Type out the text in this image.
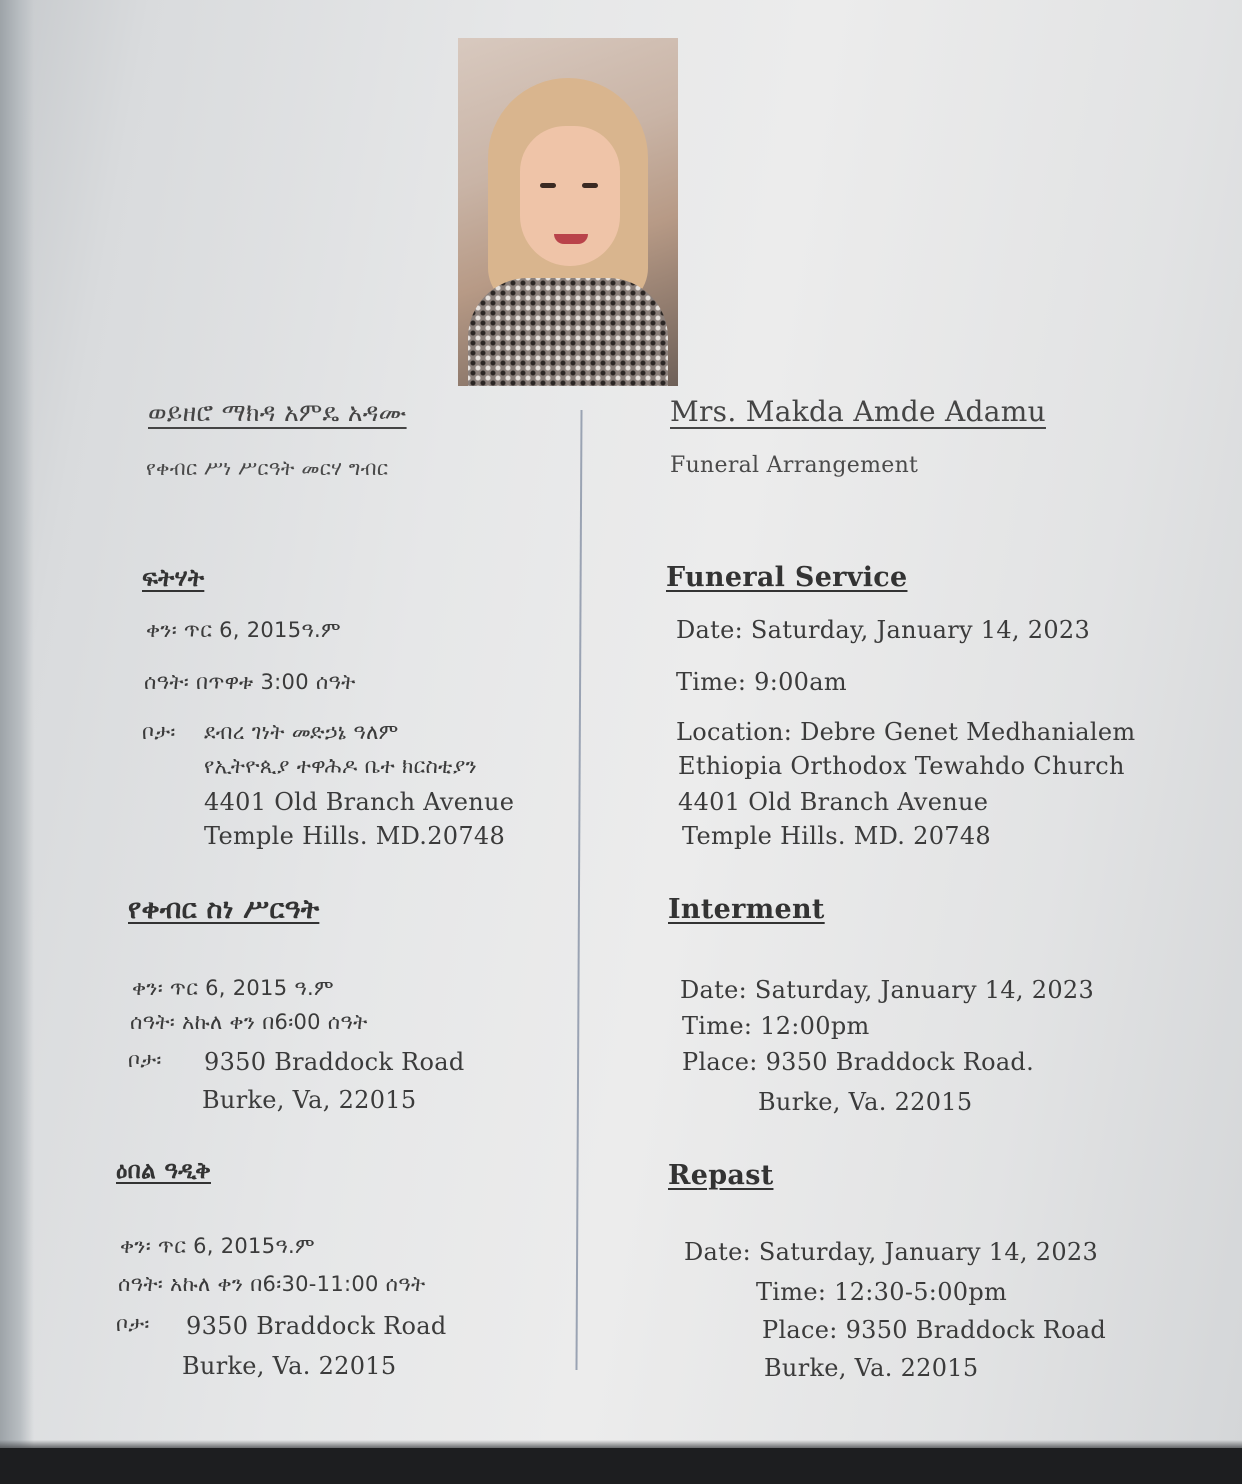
ወይዘሮ ማክዳ አምዴ አዳሙ

የቀብር ሥነ ሥርዓት መርሃ ግብር

ፍትሃት

ቀን፡ ጥር 6, 2015ዓ.ም

ሰዓት፡ በጥዋቱ 3:00 ሰዓት

ቦታ፡ ደብረ ገነት መድኃኔ ዓለም

የኢትዮጲያ ተዋሕዶ ቤተ ክርስቲያን

4401 Old Branch Avenue

Temple Hills. MD.20748

የቀብር ስነ ሥርዓት

ቀን፡ ጥር 6, 2015 ዓ.ም

ሰዓት፡ አኩለ ቀን በ6፡00 ሰዓት

ቦታ፡ 9350 Braddock Road

Burke, Va, 22015

ዕበል ዓዲቅ

ቀን፡ ጥር 6, 2015ዓ.ም

ሰዓት፡ አኩለ ቀን በ6፡30-11:00 ሰዓት

ቦታ፡ 9350 Braddock Road

Burke, Va. 22015

Mrs. Makda Amde Adamu

Funeral Arrangement

Funeral Service

Date: Saturday, January 14, 2023

Time: 9:00am

Location: Debre Genet Medhanialem

Ethiopia Orthodox Tewahdo Church

4401 Old Branch Avenue

Temple Hills. MD. 20748

Interment

Date: Saturday, January 14, 2023

Time: 12:00pm

Place: 9350 Braddock Road.

Burke, Va. 22015

Repast

Date: Saturday, January 14, 2023

Time: 12:30-5:00pm

Place: 9350 Braddock Road

Burke, Va. 22015
